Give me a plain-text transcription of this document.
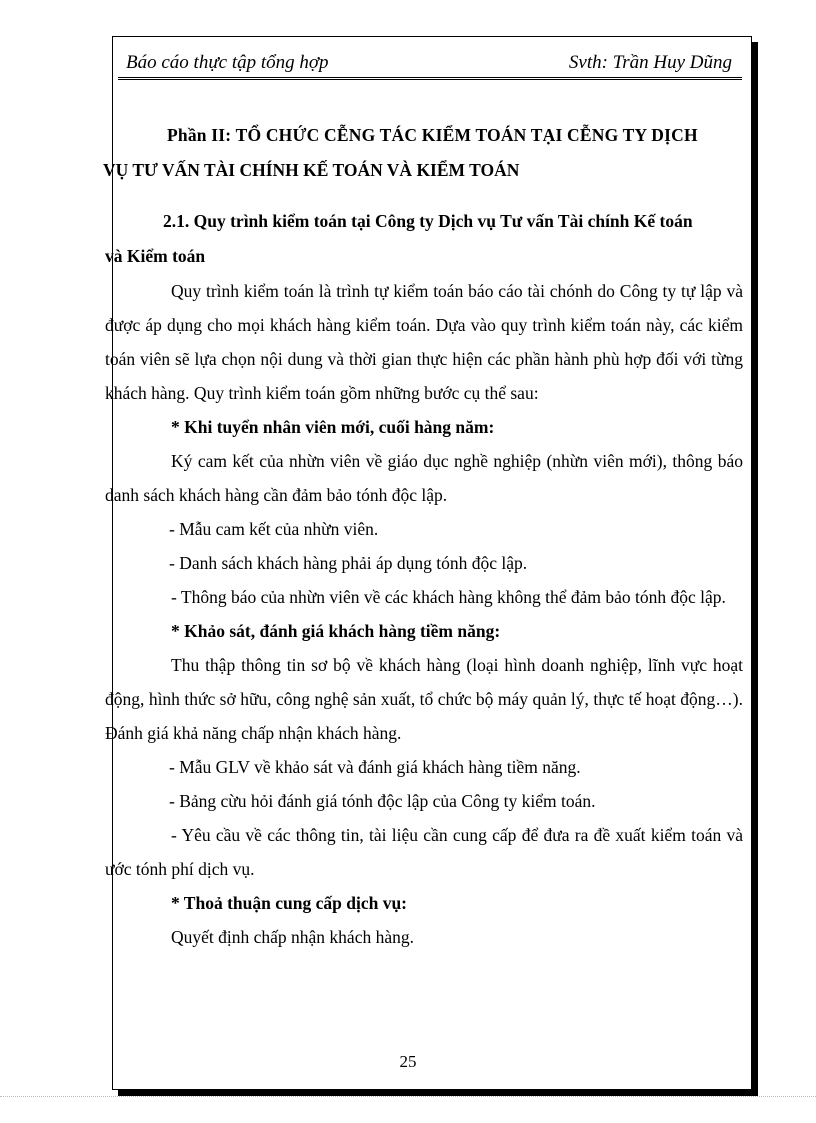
Báo cáo thực tập tổng hợp	Svth: Trần Huy Dũng
Phần II: TỔ CHỨC CỄNG TÁC KIỂM TOÁN TẠI CỄNG TY DỊCH
VỤ TƯ VẤN TÀI CHÍNH KẾ TOÁN VÀ KIỂM TOÁN
2.1. Quy trình kiểm toán tại Công ty Dịch vụ Tư vấn Tài chính Kế toán
và Kiểm toán

Quy trình kiểm toán là trình tự kiểm toán báo cáo tài chónh do Công ty tự lập và được áp dụng cho mọi khách hàng kiểm toán. Dựa vào quy trình kiểm toán này, các kiểm toán viên sẽ lựa chọn nội dung và thời gian thực hiện các phần hành phù hợp đối với từng khách hàng. Quy trình kiểm toán gồm những bước cụ thể sau:

* Khi tuyển nhân viên mới, cuối hàng năm:

Ký cam kết của nhừn viên về giáo dục nghề nghiệp (nhừn viên mới), thông báo danh sách khách hàng cần đảm bảo tónh độc lập.

- Mẫu cam kết của nhừn viên.

- Danh sách khách hàng phải áp dụng tónh độc lập.

- Thông báo của nhừn viên về các khách hàng không thể đảm bảo tónh độc lập.

* Khảo sát, đánh giá khách hàng tiềm năng:

Thu thập thông tin sơ bộ về khách hàng (loại hình doanh nghiệp, lĩnh vực hoạt động, hình thức sở hữu, công nghệ sản xuất, tổ chức bộ máy quản lý, thực tế hoạt động…). Đánh giá khả năng chấp nhận khách hàng.

- Mẫu GLV về khảo sát và đánh giá khách hàng tiềm năng.

- Bảng cừu hỏi đánh giá tónh độc lập của Công ty kiểm toán.

- Yêu cầu về các thông tin, tài liệu cần cung cấp để đưa ra đề xuất kiểm toán và ước tónh phí dịch vụ.

* Thoả thuận cung cấp dịch vụ:

Quyết định chấp nhận khách hàng.

25
